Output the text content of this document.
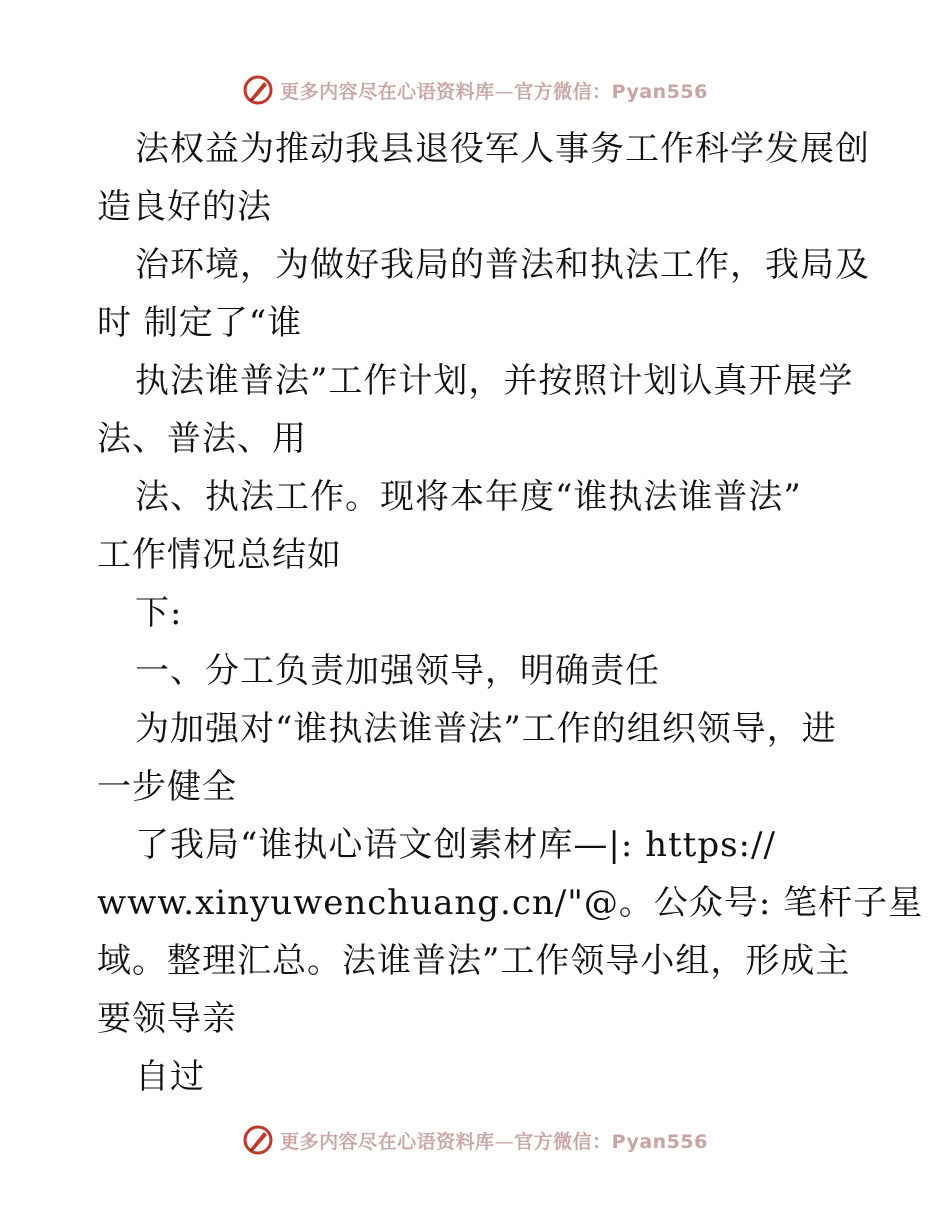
更多内容尽在心语资料库—官方微信：Pyan556
法权益为推动我县退役军人事务工作科学发展创
造良好的法
治环境，为做好我局的普法和执法工作，我局及
时 制定了“谁
执法谁普法”工作计划，并按照计划认真开展学
法、普法、用
法、执法工作。现将本年度“谁执法谁普法”
工作情况总结如
下:
一、分工负责加强领导，明确责任
为加强对“谁执法谁普法”工作的组织领导，进
一步健全
了我局“谁执心语文创素材库—|: https://
www.xinyuwenchuang.cn/"@。公众号: 笔杆子星
域。整理汇总。法谁普法”工作领导小组，形成主
要领导亲
自过
更多内容尽在心语资料库—官方微信：Pyan556
